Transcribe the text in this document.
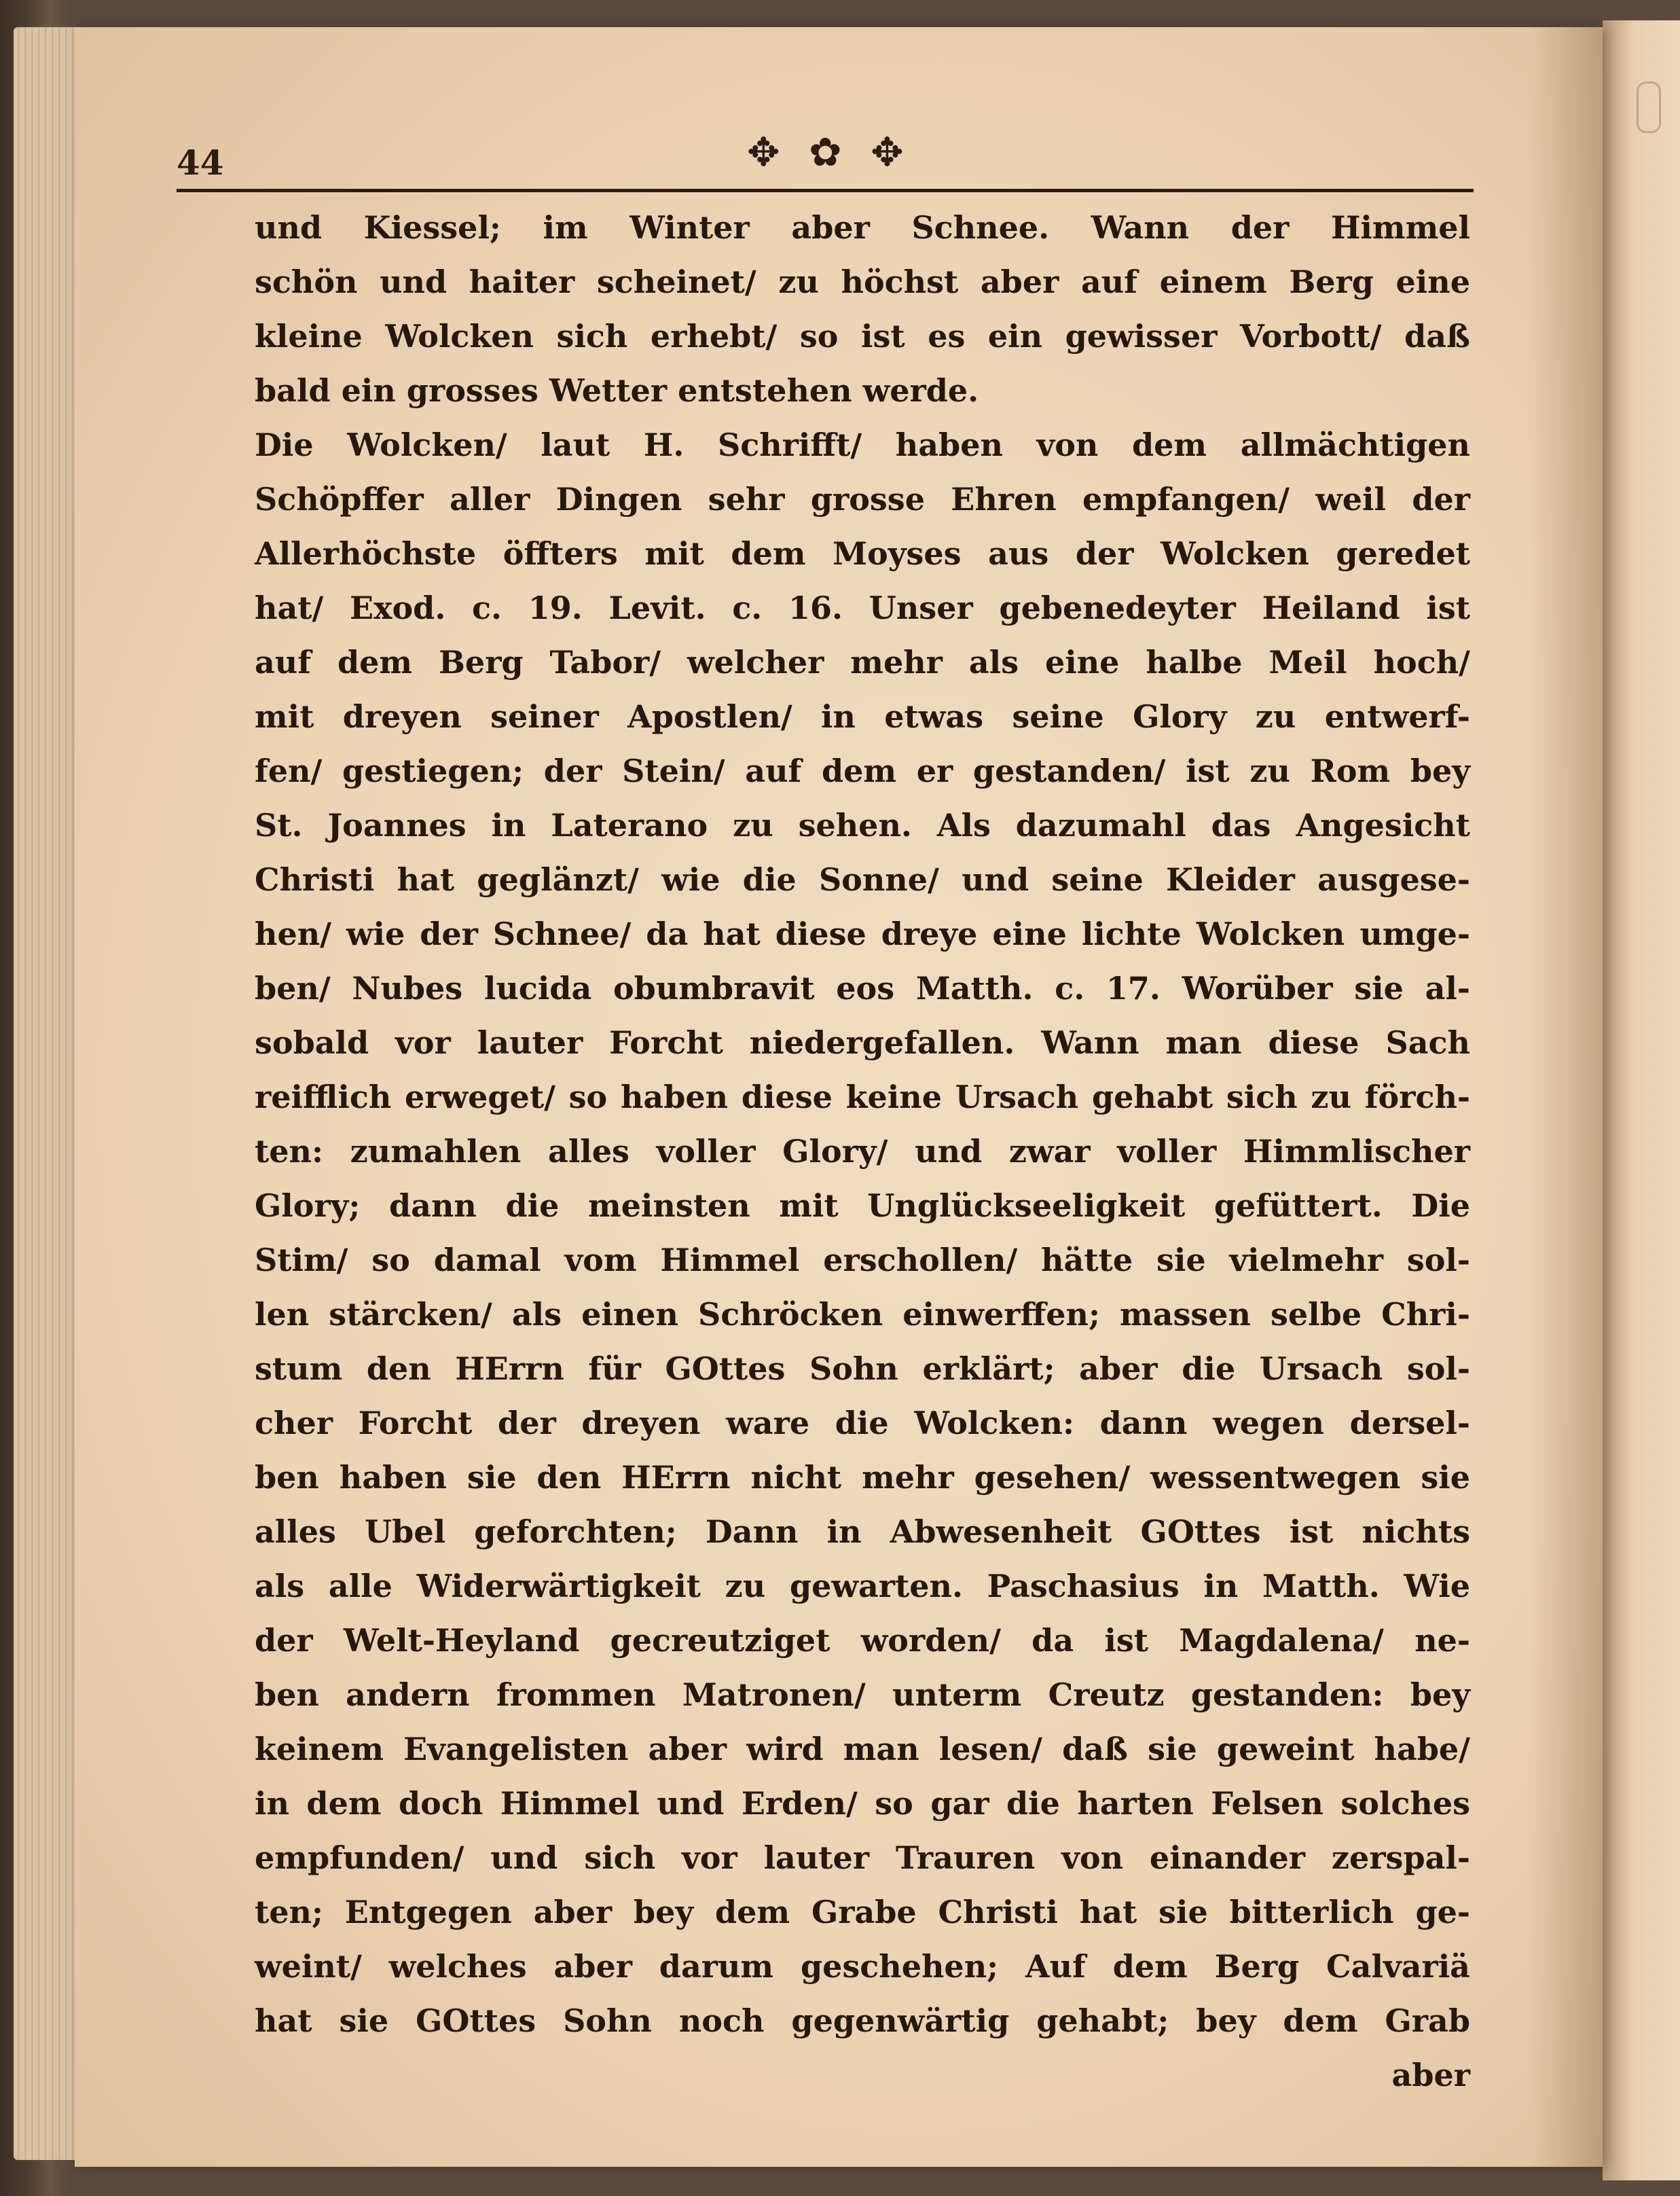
44	✥ ✿ ✥
und Kiessel; im Winter aber Schnee. Wann der Himmel
schön und haiter scheinet/ zu höchst aber auf einem Berg eine
kleine Wolcken sich erhebt/ so ist es ein gewisser Vorbott/ daß
bald ein grosses Wetter entstehen werde.
Die Wolcken/ laut H. Schrifft/ haben von dem allmächtigen
Schöpffer aller Dingen sehr grosse Ehren empfangen/ weil der
Allerhöchste öffters mit dem Moyses aus der Wolcken geredet
hat/ Exod. c. 19. Levit. c. 16. Unser gebenedeyter Heiland ist
auf dem Berg Tabor/ welcher mehr als eine halbe Meil hoch/
mit dreyen seiner Apostlen/ in etwas seine Glory zu entwerf-
fen/ gestiegen; der Stein/ auf dem er gestanden/ ist zu Rom bey
St. Joannes in Laterano zu sehen. Als dazumahl das Angesicht
Christi hat geglänzt/ wie die Sonne/ und seine Kleider ausgese-
hen/ wie der Schnee/ da hat diese dreye eine lichte Wolcken umge-
ben/ Nubes lucida obumbravit eos Matth. c. 17. Worüber sie al-
sobald vor lauter Forcht niedergefallen. Wann man diese Sach
reifflich erweget/ so haben diese keine Ursach gehabt sich zu förch-
ten: zumahlen alles voller Glory/ und zwar voller Himmlischer
Glory; dann die meinsten mit Unglückseeligkeit gefüttert. Die
Stim/ so damal vom Himmel erschollen/ hätte sie vielmehr sol-
len stärcken/ als einen Schröcken einwerffen; massen selbe Chri-
stum den HErrn für GOttes Sohn erklärt; aber die Ursach sol-
cher Forcht der dreyen ware die Wolcken: dann wegen dersel-
ben haben sie den HErrn nicht mehr gesehen/ wessentwegen sie
alles Ubel geforchten; Dann in Abwesenheit GOttes ist nichts
als alle Widerwärtigkeit zu gewarten. Paschasius in Matth. Wie
der Welt-Heyland gecreutziget worden/ da ist Magdalena/ ne-
ben andern frommen Matronen/ unterm Creutz gestanden: bey
keinem Evangelisten aber wird man lesen/ daß sie geweint habe/
in dem doch Himmel und Erden/ so gar die harten Felsen solches
empfunden/ und sich vor lauter Trauren von einander zerspal-
ten; Entgegen aber bey dem Grabe Christi hat sie bitterlich ge-
weint/ welches aber darum geschehen; Auf dem Berg Calvariä
hat sie GOttes Sohn noch gegenwärtig gehabt; bey dem Grab
aber
